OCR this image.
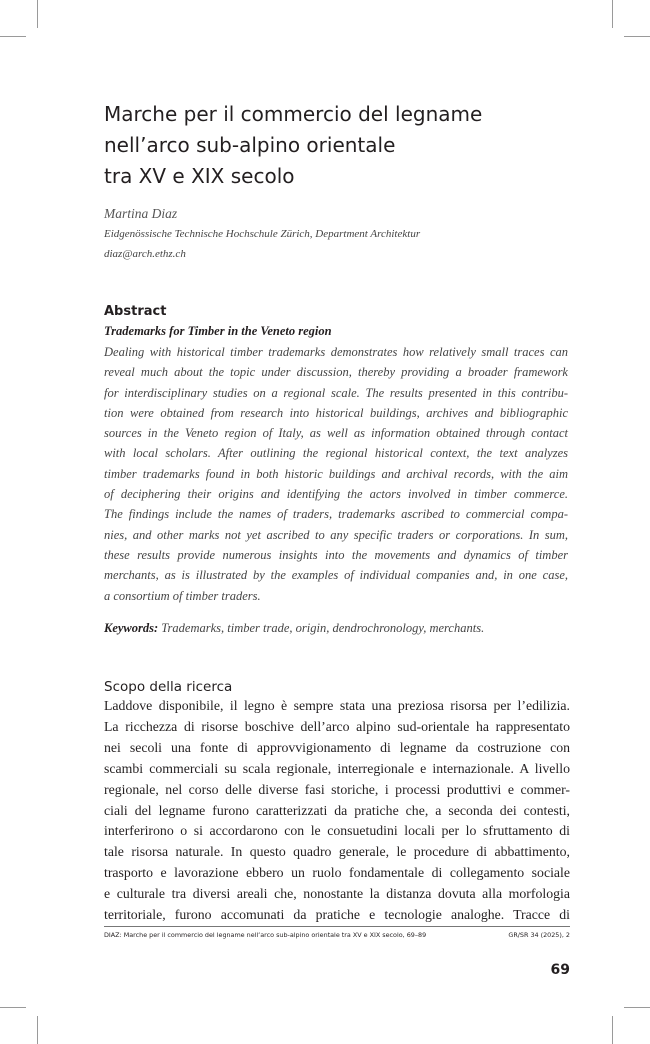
Marche per il commercio del legname
nell’arco sub-alpino orientale
tra XV e XIX secolo
Martina Diaz
Eidgenössische Technische Hochschule Zürich, Department Architektur
diaz@arch.ethz.ch
Abstract
Trademarks for Timber in the Veneto region
Dealing with historical timber trademarks demonstrates how relatively small traces can
reveal much about the topic under discussion, thereby providing a broader framework
for interdisciplinary studies on a regional scale. The results presented in this contribu-
tion were obtained from research into historical buildings, archives and bibliographic
sources in the Veneto region of Italy, as well as information obtained through contact
with local scholars. After outlining the regional historical context, the text analyzes
timber trademarks found in both historic buildings and archival records, with the aim
of deciphering their origins and identifying the actors involved in timber commerce.
The findings include the names of traders, trademarks ascribed to commercial compa-
nies, and other marks not yet ascribed to any specific traders or corporations. In sum,
these results provide numerous insights into the movements and dynamics of timber
merchants, as is illustrated by the examples of individual companies and, in one case,
a consortium of timber traders.
Keywords: Trademarks, timber trade, origin, dendrochronology, merchants.
Scopo della ricerca
Laddove disponibile, il legno è sempre stata una preziosa risorsa per l’edilizia.
La ricchezza di risorse boschive dell’arco alpino sud-orientale ha rappresentato
nei secoli una fonte di approvvigionamento di legname da costruzione con
scambi commerciali su scala regionale, interregionale e internazionale. A livello
regionale, nel corso delle diverse fasi storiche, i processi produttivi e commer-
ciali del legname furono caratterizzati da pratiche che, a seconda dei contesti,
interferirono o si accordarono con le consuetudini locali per lo sfruttamento di
tale risorsa naturale. In questo quadro generale, le procedure di abbattimento,
trasporto e lavorazione ebbero un ruolo fondamentale di collegamento sociale
e culturale tra diversi areali che, nonostante la distanza dovuta alla morfologia
territoriale, furono accomunati da pratiche e tecnologie analoghe. Tracce di
DIAZ: Marche per il commercio del legname nell’arco sub-alpino orientale tra XV e XIX secolo, 69–89	GR/SR 34 (2025), 2
69
